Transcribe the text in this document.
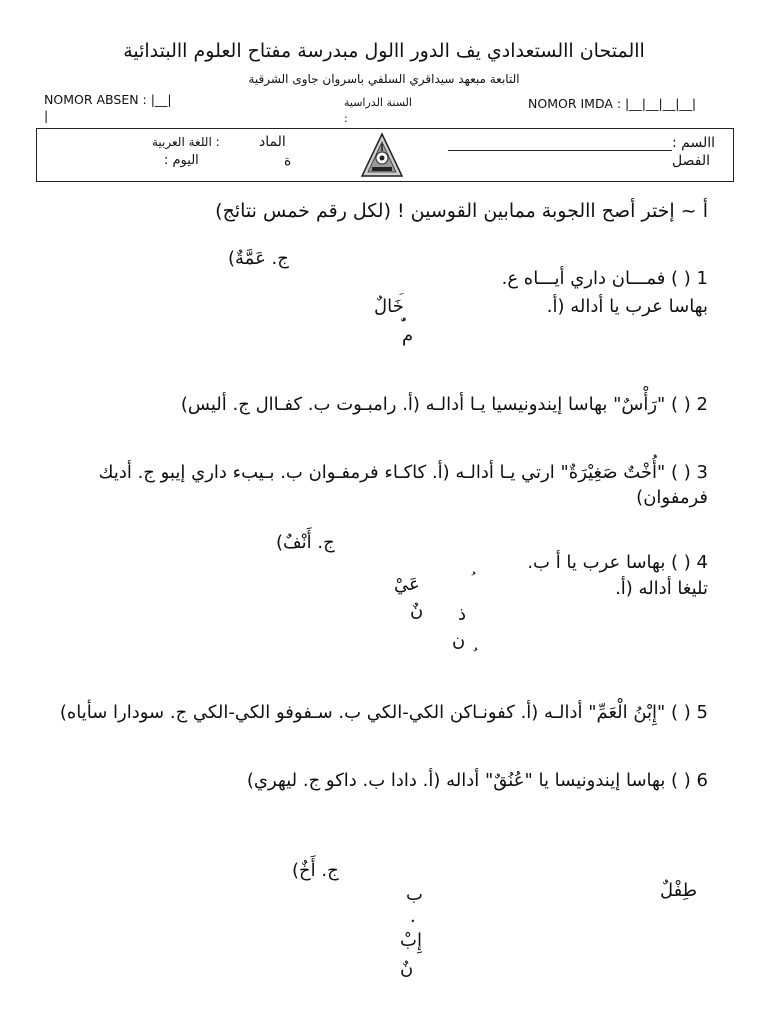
االمتحان االستعدادي يف الدور االول مبدرسة مفتاح العلوم االبتدائية
التابعة مبعهد سيداقري السلفي باسروان جاوى الشرقية
NOMOR ABSEN : |__|
|
السنة الدراسية
:
NOMOR IMDA : |__|__|__|__|
االسم :
الفصل
الماد
: اللغة العربية
ة
اليوم :
أ ~ إختر أصح االجوبة ممابين القوسين ! (لكل رقم خمس نتائج)
ج. عَمَّةٌ)
1 ( ) فمـــان داري أيـــاه ع.
بهاسا عرب يا أداله (أ.
خَالٌ
م
2 ( ) "رَأْسٌ" بهاسا إيندونيسيا يـا أدالـه (أ. رامبـوت ب. كفـاال ج. أليس)
3 ( ) "أُخْتٌ صَغِيْرَةٌ" ارتي يـا أدالـه (أ. كاكـاء فرمفـوان ب. بـيبء داري إيبو ج. أديك فرمفوان)
ج. أَنْفٌ)
4 ( ) بهاسا عرب يا أ ب.
تليغا أداله (أ.
عَيْ
نٌ ذ
ن
5 ( ) "إِبْنُ الْعَمِّ" أدالـه (أ. كفونـاكن الكي-الكي ب. سـفوفو الكي-الكي ج. سودارا سأياه)
6 ( ) بهاسا إيندونيسا يا "عُنُقٌ" أداله (أ. دادا ب. داكو ج. ليهري)
ج. أَخٌ)
طِفْلٌ
ب
.
إِبْ
نٌ
